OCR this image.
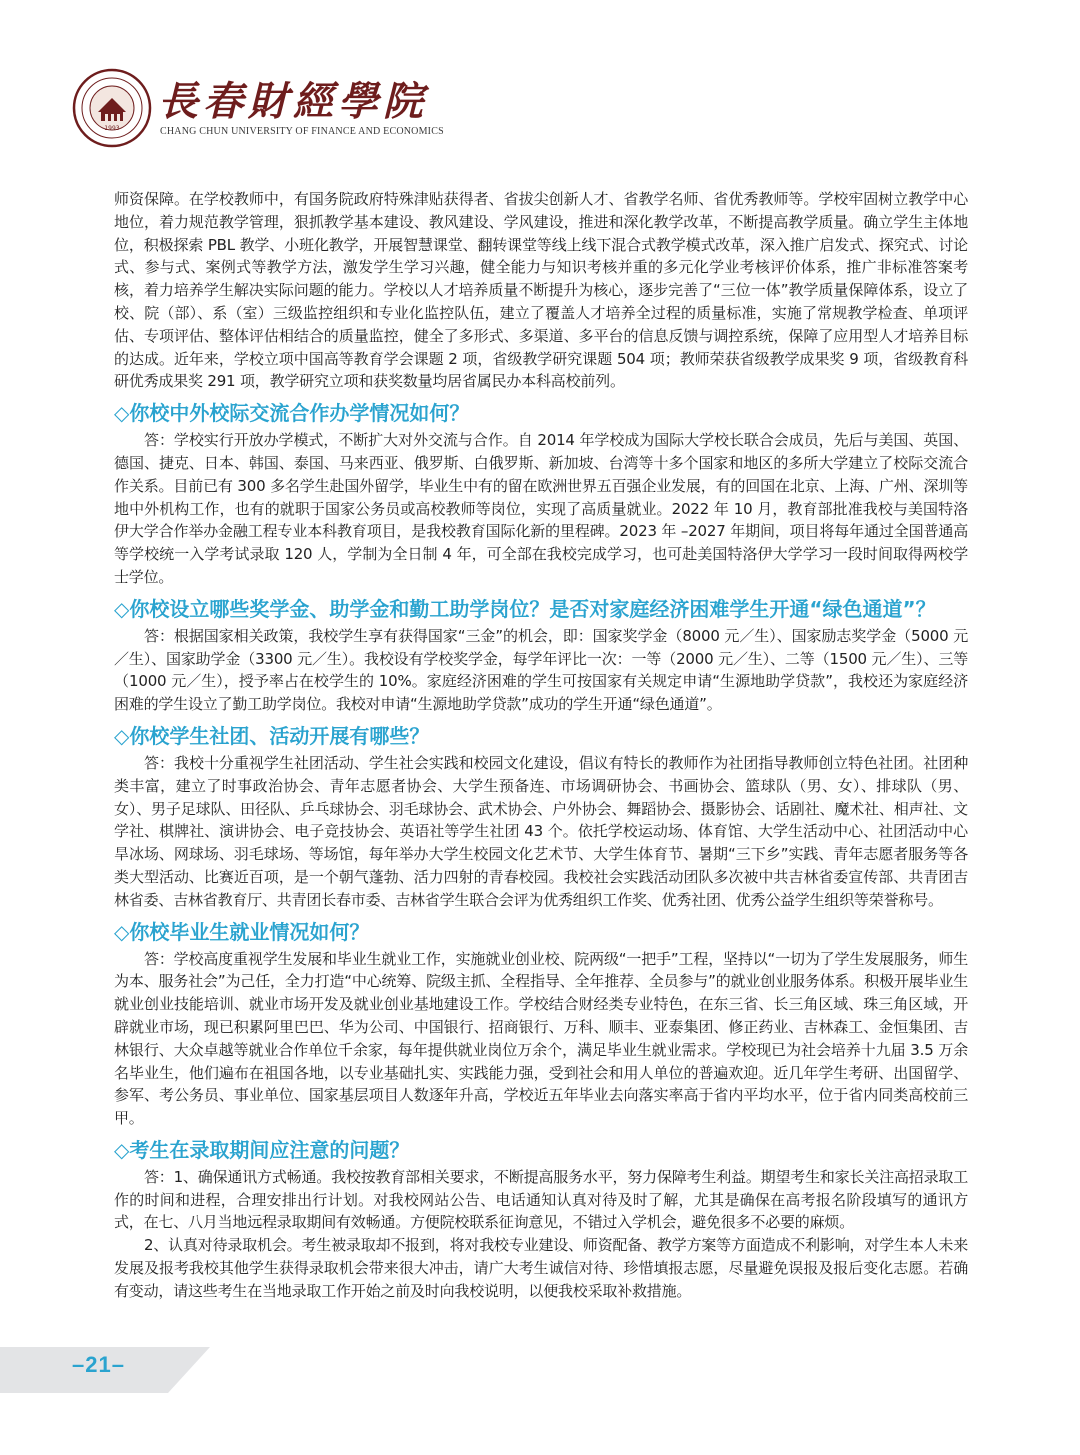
1993
長春財經學院
CHANG CHUN UNIVERSITY OF FINANCE AND ECONOMICS

师资保障。在学校教师中，有国务院政府特殊津贴获得者、省拔尖创新人才、省教学名师、省优秀教师等。学校牢固树立教学中心地位，着力规范教学管理，狠抓教学基本建设、教风建设、学风建设，推进和深化教学改革，不断提高教学质量。确立学生主体地位，积极探索 PBL 教学、小班化教学，开展智慧课堂、翻转课堂等线上线下混合式教学模式改革，深入推广启发式、探究式、讨论式、参与式、案例式等教学方法，激发学生学习兴趣，健全能力与知识考核并重的多元化学业考核评价体系，推广非标准答案考核，着力培养学生解决实际问题的能力。学校以人才培养质量不断提升为核心，逐步完善了“三位一体”教学质量保障体系，设立了校、院（部）、系（室）三级监控组织和专业化监控队伍，建立了覆盖人才培养全过程的质量标准，实施了常规教学检查、单项评估、专项评估、整体评估相结合的质量监控，健全了多形式、多渠道、多平台的信息反馈与调控系统，保障了应用型人才培养目标的达成。近年来，学校立项中国高等教育学会课题 2 项，省级教学研究课题 504 项；教师荣获省级教学成果奖 9 项，省级教育科研优秀成果奖 291 项，教学研究立项和获奖数量均居省属民办本科高校前列。

◇你校中外校际交流合作办学情况如何？

答：学校实行开放办学模式，不断扩大对外交流与合作。自 2014 年学校成为国际大学校长联合会成员，先后与美国、英国、德国、捷克、日本、韩国、泰国、马来西亚、俄罗斯、白俄罗斯、新加坡、台湾等十多个国家和地区的多所大学建立了校际交流合作关系。目前已有 300 多名学生赴国外留学，毕业生中有的留在欧洲世界五百强企业发展，有的回国在北京、上海、广州、深圳等地中外机构工作，也有的就职于国家公务员或高校教师等岗位，实现了高质量就业。2022 年 10 月，教育部批准我校与美国特洛伊大学合作举办金融工程专业本科教育项目，是我校教育国际化新的里程碑。2023 年 –2027 年期间，项目将每年通过全国普通高等学校统一入学考试录取 120 人，学制为全日制 4 年，可全部在我校完成学习，也可赴美国特洛伊大学学习一段时间取得两校学士学位。

◇你校设立哪些奖学金、助学金和勤工助学岗位？是否对家庭经济困难学生开通“绿色通道”？

答：根据国家相关政策，我校学生享有获得国家“三金”的机会，即：国家奖学金（8000 元／生）、国家励志奖学金（5000 元／生）、国家助学金（3300 元／生）。我校设有学校奖学金，每学年评比一次：一等（2000 元／生）、二等（1500 元／生）、三等（1000 元／生），授予率占在校学生的 10%。家庭经济困难的学生可按国家有关规定申请“生源地助学贷款”，我校还为家庭经济困难的学生设立了勤工助学岗位。我校对申请“生源地助学贷款”成功的学生开通“绿色通道”。

◇你校学生社团、活动开展有哪些？

答：我校十分重视学生社团活动、学生社会实践和校园文化建设，倡议有特长的教师作为社团指导教师创立特色社团。社团种类丰富，建立了时事政治协会、青年志愿者协会、大学生预备连、市场调研协会、书画协会、篮球队（男、女）、排球队（男、女）、男子足球队、田径队、乒乓球协会、羽毛球协会、武术协会、户外协会、舞蹈协会、摄影协会、话剧社、魔术社、相声社、文学社、棋牌社、演讲协会、电子竞技协会、英语社等学生社团 43 个。依托学校运动场、体育馆、大学生活动中心、社团活动中心旱冰场、网球场、羽毛球场、等场馆，每年举办大学生校园文化艺术节、大学生体育节、暑期“三下乡”实践、青年志愿者服务等各类大型活动、比赛近百项，是一个朝气蓬勃、活力四射的青春校园。我校社会实践活动团队多次被中共吉林省委宣传部、共青团吉林省委、吉林省教育厅、共青团长春市委、吉林省学生联合会评为优秀组织工作奖、优秀社团、优秀公益学生组织等荣誉称号。

◇你校毕业生就业情况如何？

答：学校高度重视学生发展和毕业生就业工作，实施就业创业校、院两级“一把手”工程，坚持以“一切为了学生发展服务，师生为本、服务社会”为己任，全力打造“中心统筹、院级主抓、全程指导、全年推荐、全员参与”的就业创业服务体系。积极开展毕业生就业创业技能培训、就业市场开发及就业创业基地建设工作。学校结合财经类专业特色，在东三省、长三角区域、珠三角区域，开辟就业市场，现已积累阿里巴巴、华为公司、中国银行、招商银行、万科、顺丰、亚泰集团、修正药业、吉林森工、金恒集团、吉林银行、大众卓越等就业合作单位千余家，每年提供就业岗位万余个，满足毕业生就业需求。学校现已为社会培养十九届 3.5 万余名毕业生，他们遍布在祖国各地，以专业基础扎实、实践能力强，受到社会和用人单位的普遍欢迎。近几年学生考研、出国留学、参军、考公务员、事业单位、国家基层项目人数逐年升高，学校近五年毕业去向落实率高于省内平均水平，位于省内同类高校前三甲。

◇考生在录取期间应注意的问题？

答：1、确保通讯方式畅通。我校按教育部相关要求，不断提高服务水平，努力保障考生利益。期望考生和家长关注高招录取工作的时间和进程，合理安排出行计划。对我校网站公告、电话通知认真对待及时了解，尤其是确保在高考报名阶段填写的通讯方式，在七、八月当地远程录取期间有效畅通。方便院校联系征询意见，不错过入学机会，避免很多不必要的麻烦。

2、认真对待录取机会。考生被录取却不报到，将对我校专业建设、师资配备、教学方案等方面造成不利影响，对学生本人未来发展及报考我校其他学生获得录取机会带来很大冲击，请广大考生诚信对待、珍惜填报志愿，尽量避免误报及报后变化志愿。若确有变动，请这些考生在当地录取工作开始之前及时向我校说明，以便我校采取补救措施。

–21–
